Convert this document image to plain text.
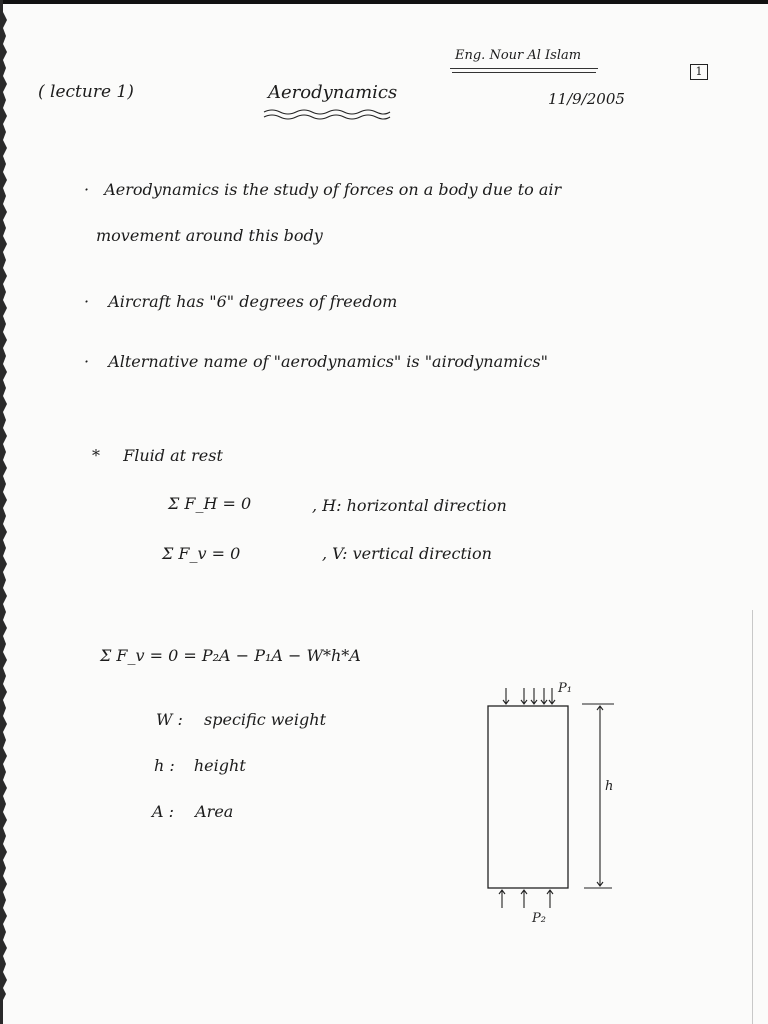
Eng. Nour Al Islam
1
( lecture 1)	Aerodynamics	11/9/2005
· Aerodynamics is the study of forces on a body due to air
movement around this body
· Aircraft has "6" degrees of freedom
· Alternative name of "aerodynamics" is "airodynamics"
* Fluid at rest
Σ F_H = 0	, H: horizontal direction
Σ F_v = 0	, V: vertical direction
Σ F_v = 0 = P₂A − P₁A − W*h*A
W : specific weight
h : height
A : Area
P₁
P₂
h
